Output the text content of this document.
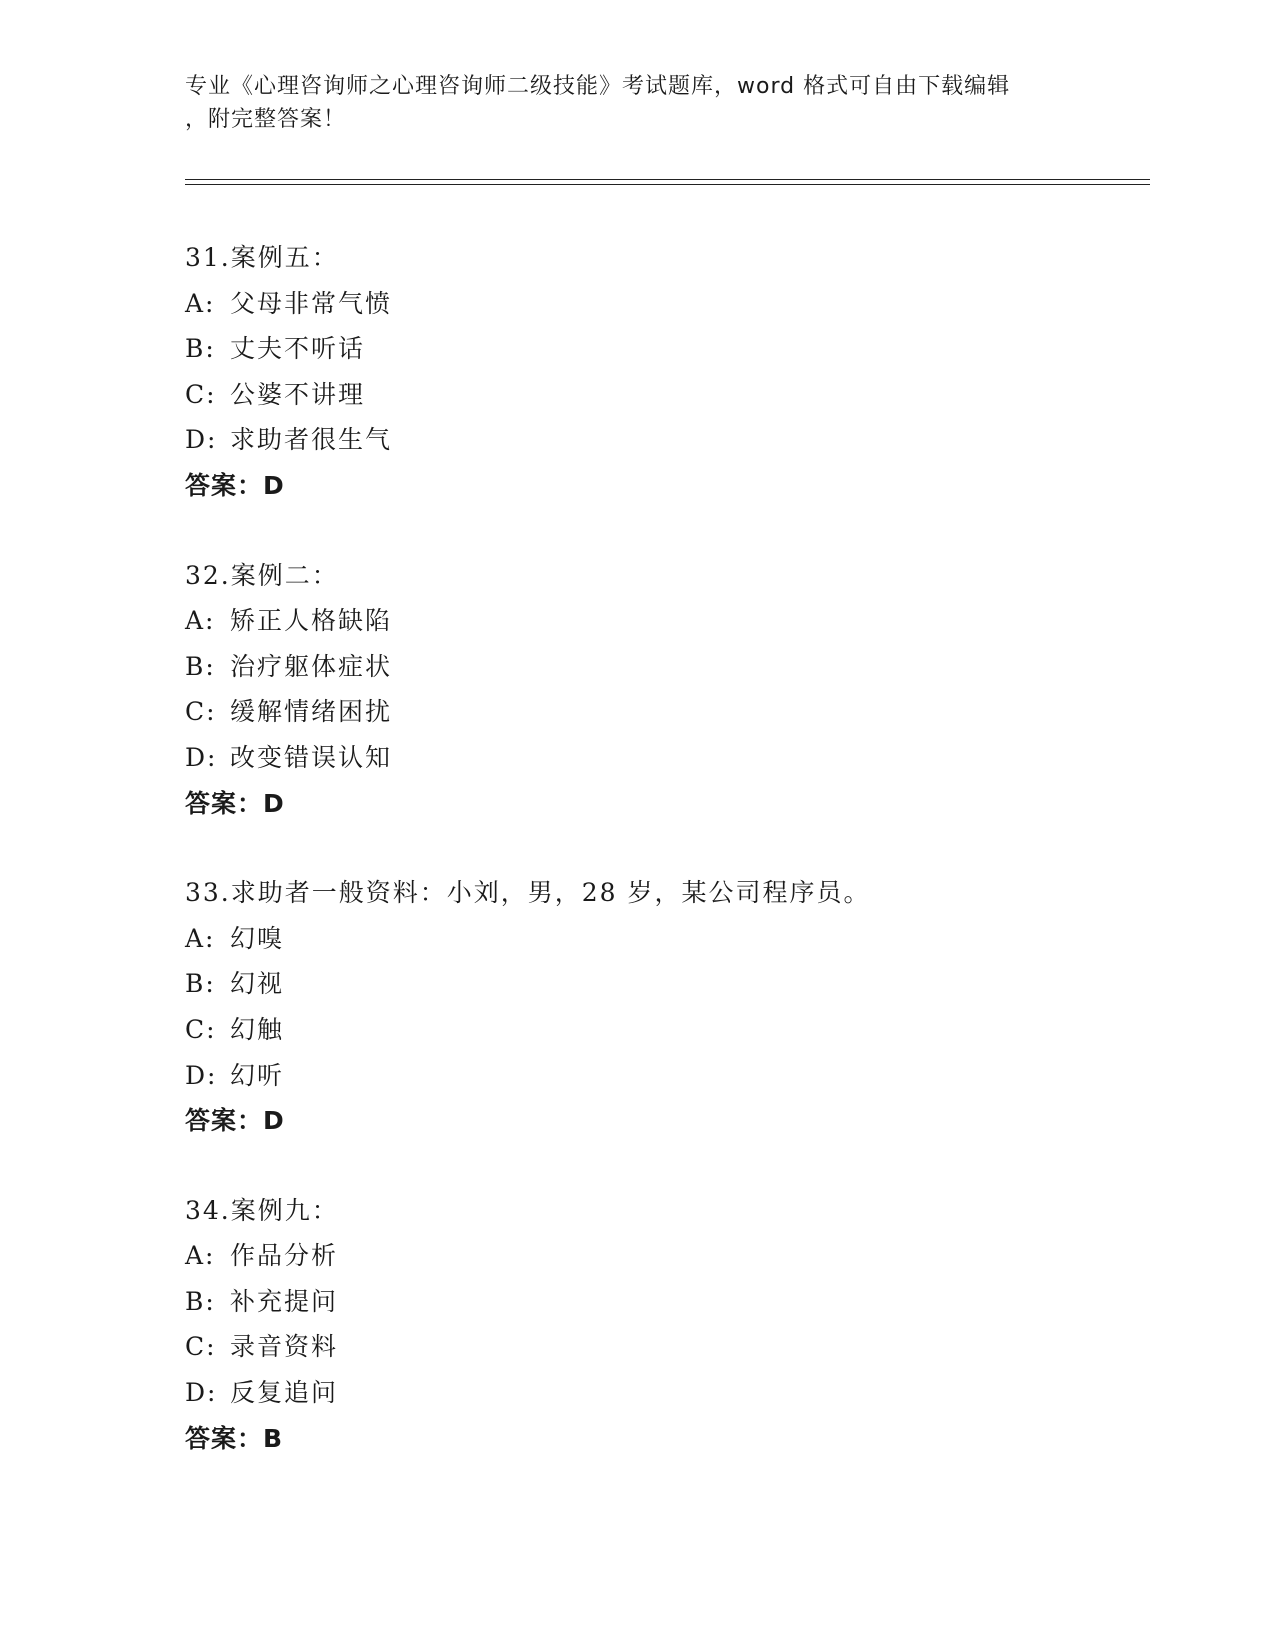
专业《心理咨询师之心理咨询师二级技能》考试题库，word 格式可自由下载编辑
，附完整答案！
31.案例五：
A: 父母非常气愤
B: 丈夫不听话
C: 公婆不讲理
D: 求助者很生气
答案：D
32.案例二：
A: 矫正人格缺陷
B: 治疗躯体症状
C: 缓解情绪困扰
D: 改变错误认知
答案：D
33.求助者一般资料：小刘，男，28 岁，某公司程序员。
A: 幻嗅
B: 幻视
C: 幻触
D: 幻听
答案：D
34.案例九：
A: 作品分析
B: 补充提问
C: 录音资料
D: 反复追问
答案：B
